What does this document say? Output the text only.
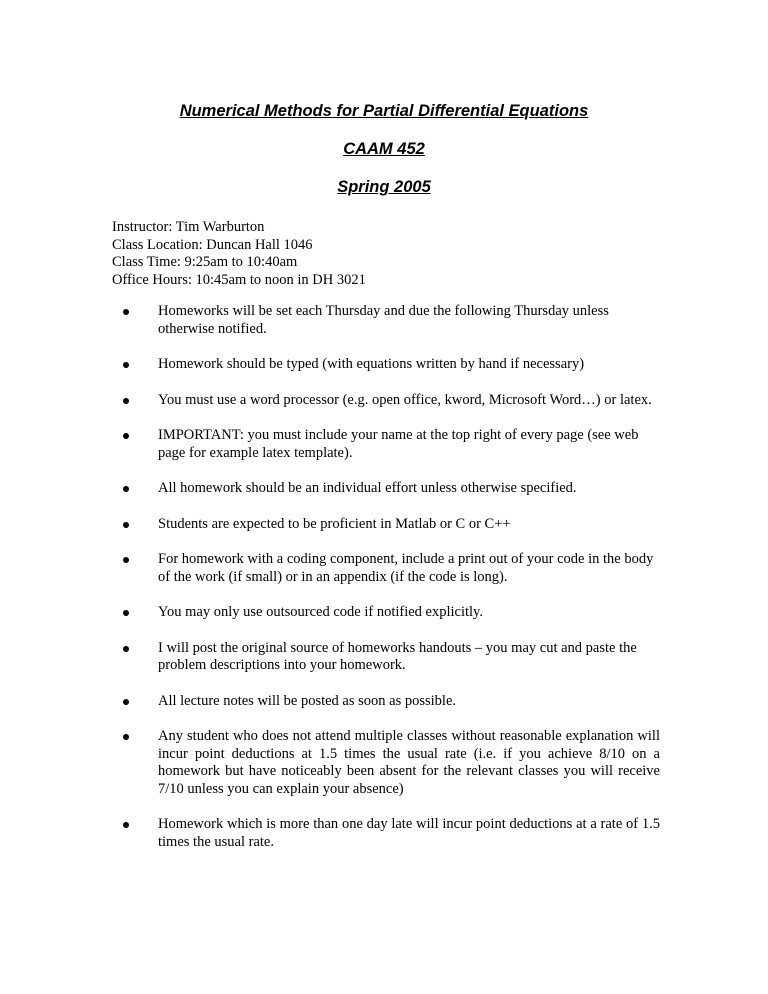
Numerical Methods for Partial Differential Equations
CAAM 452
Spring 2005
Instructor: Tim Warburton
Class Location: Duncan Hall 1046
Class Time: 9:25am to 10:40am
Office Hours: 10:45am to noon in DH 3021
Homeworks will be set each Thursday and due the following Thursday unless otherwise notified.
Homework should be typed (with equations written by hand if necessary)
You must use a word processor (e.g. open office, kword, Microsoft Word…) or latex.
IMPORTANT: you must include your name at the top right of every page (see web page for example latex template).
All homework should be an individual effort unless otherwise specified.
Students are expected to be proficient in Matlab or C or C++
For homework with a coding component, include a print out of your code in the body of the work (if small) or in an appendix (if the code is long).
You may only use outsourced code if notified explicitly.
I will post the original source of homeworks handouts – you may cut and paste the problem descriptions into your homework.
All lecture notes will be posted as soon as possible.
Any student who does not attend multiple classes without reasonable explanation will incur point deductions at 1.5 times the usual rate (i.e. if you achieve 8/10 on a homework but have noticeably been absent for the relevant classes you will receive 7/10 unless you can explain your absence)
Homework which is more than one day late will incur point deductions at a rate of 1.5 times the usual rate.
